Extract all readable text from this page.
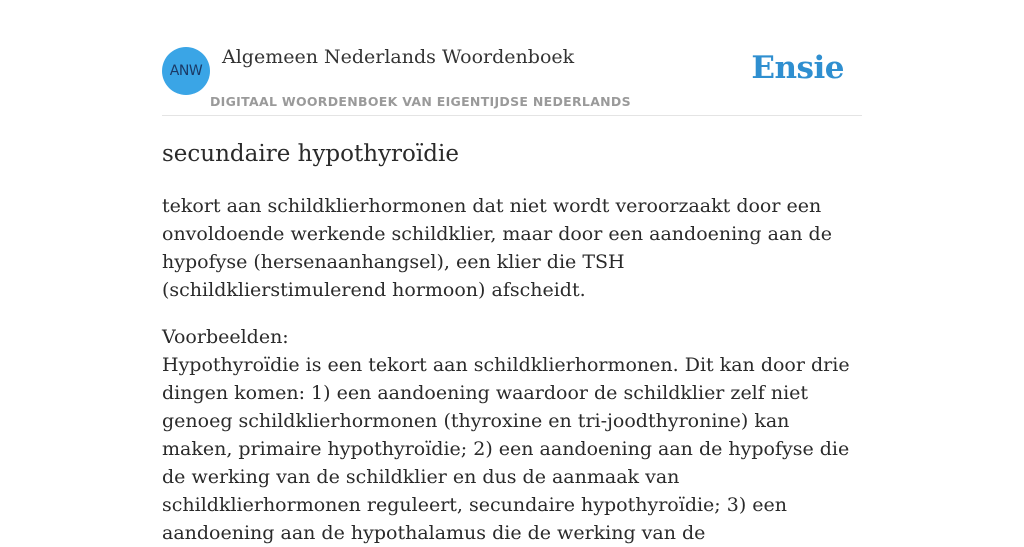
ANW
Algemeen Nederlands Woordenboek
DIGITAAL WOORDENBOEK VAN EIGENTIJDSE NEDERLANDS
Ensie
secundaire hypothyroïdie

tekort aan schildklierhormonen dat niet wordt veroorzaakt door een onvoldoende werkende schildklier, maar door een aandoening aan de hypofyse (hersenaanhangsel), een klier die TSH (schildklierstimulerend hormoon) afscheidt.

Voorbeelden:

Hypothyroïdie is een tekort aan schildklierhormonen. Dit kan door drie dingen komen: 1) een aandoening waardoor de schildklier zelf niet genoeg schildklierhormonen (thyroxine en tri-joodthyronine) kan maken, primaire hypothyroïdie; 2) een aandoening aan de hypofyse die de werking van de schildklier en dus de aanmaak van schildklierhormonen reguleert, secundaire hypothyroïdie; 3) een aandoening aan de hypothalamus die de werking van de
